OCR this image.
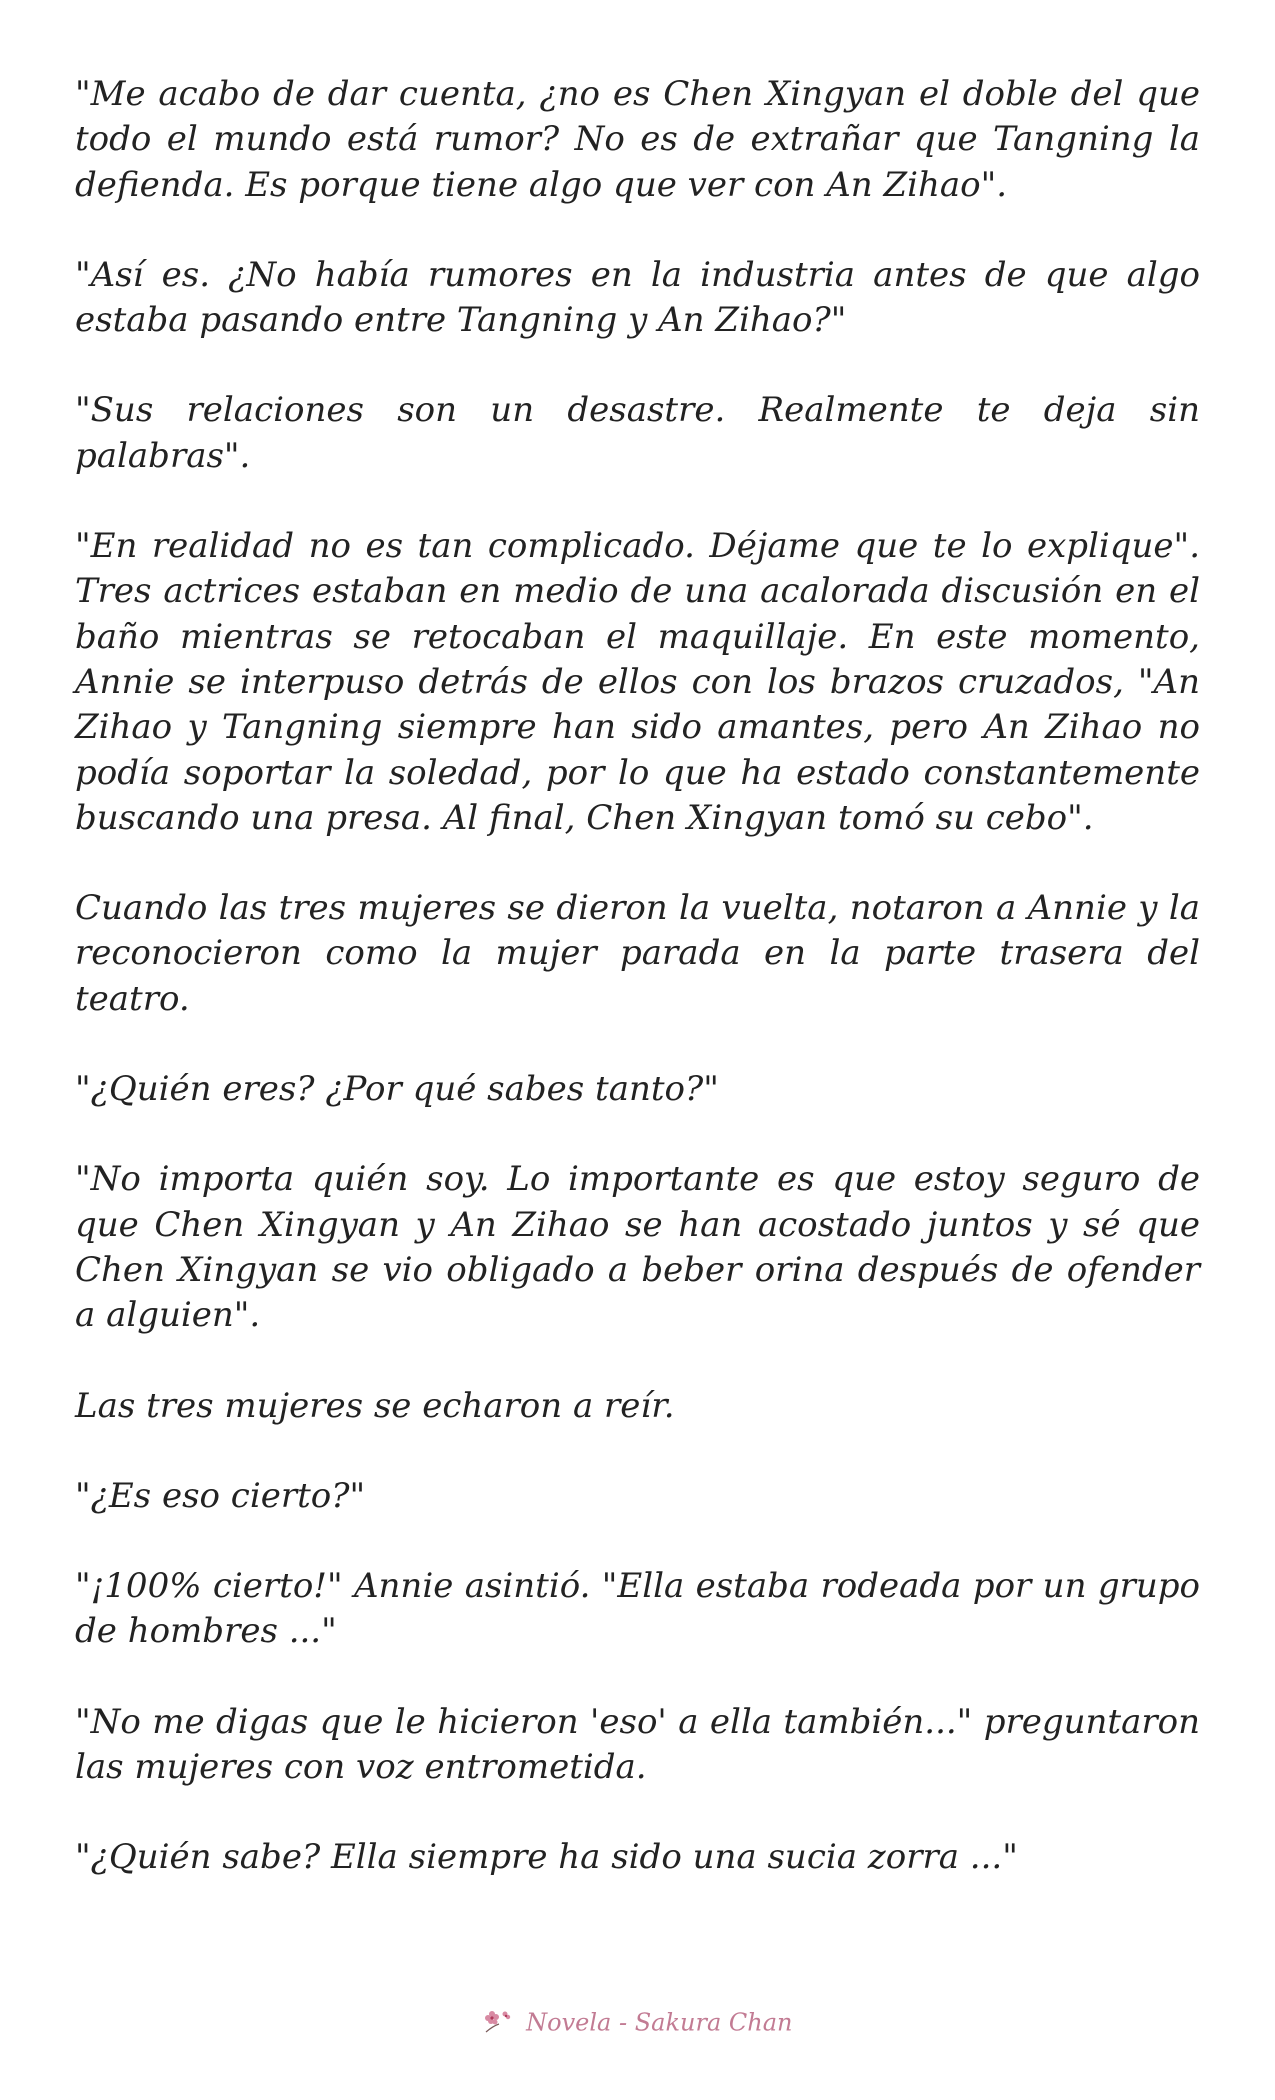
"Me acabo de dar cuenta, ¿no es Chen Xingyan el doble del que todo el mundo está rumor? No es de extrañar que Tangning la defienda. Es porque tiene algo que ver con An Zihao".

"Así es. ¿No había rumores en la industria antes de que algo estaba pasando entre Tangning y An Zihao?"

"Sus relaciones son un desastre. Realmente te deja sin palabras".

"En realidad no es tan complicado. Déjame que te lo explique". Tres actrices estaban en medio de una acalorada discusión en el baño mientras se retocaban el maquillaje. En este momento, Annie se interpuso detrás de ellos con los brazos cruzados, "An Zihao y Tangning siempre han sido amantes, pero An Zihao no podía soportar la soledad, por lo que ha estado constantemente buscando una presa. Al final, Chen Xingyan tomó su cebo".

Cuando las tres mujeres se dieron la vuelta, notaron a Annie y la reconocieron como la mujer parada en la parte trasera del teatro.

"¿Quién eres? ¿Por qué sabes tanto?"

"No importa quién soy. Lo importante es que estoy seguro de que Chen Xingyan y An Zihao se han acostado juntos y sé que Chen Xingyan se vio obligado a beber orina después de ofender a alguien".

Las tres mujeres se echaron a reír.

"¿Es eso cierto?"

"¡100% cierto!" Annie asintió. "Ella estaba rodeada por un grupo de hombres ..."

"No me digas que le hicieron 'eso' a ella también..." preguntaron las mujeres con voz entrometida.

"¿Quién sabe? Ella siempre ha sido una sucia zorra ..."

Novela - Sakura Chan
